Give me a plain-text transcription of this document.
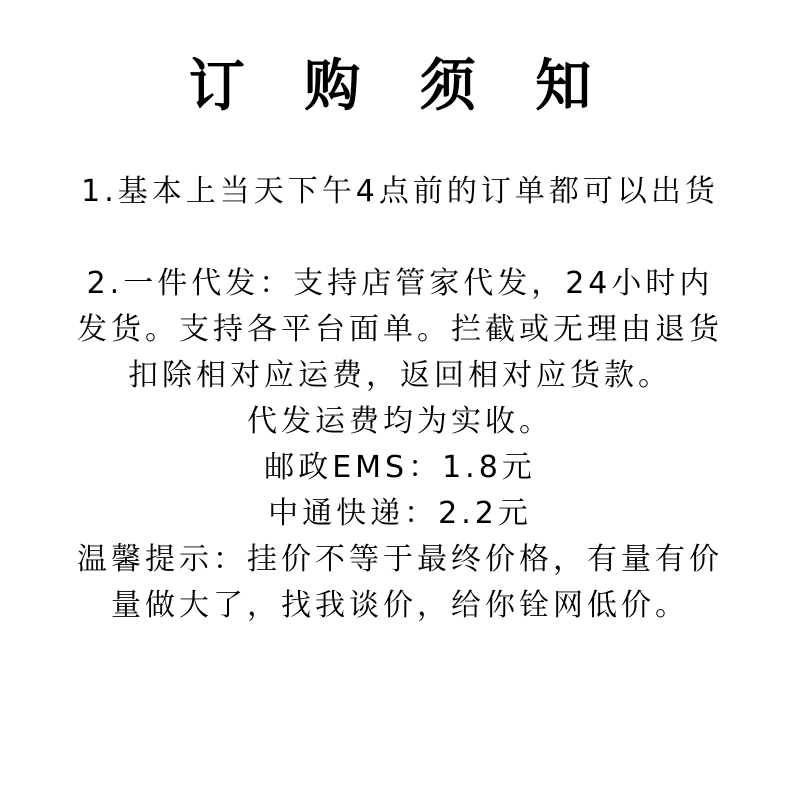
订 购 须 知
1.基本上当天下午4点前的订单都可以出货
2.一件代发：支持店管家代发，24小时内
发货。支持各平台面单。拦截或无理由退货
扣除相对应运费，返回相对应货款。
代发运费均为实收。
邮政EMS：1.8元
中通快递：2.2元
温馨提示：挂价不等于最终价格，有量有价
量做大了，找我谈价，给你铨网低价。
